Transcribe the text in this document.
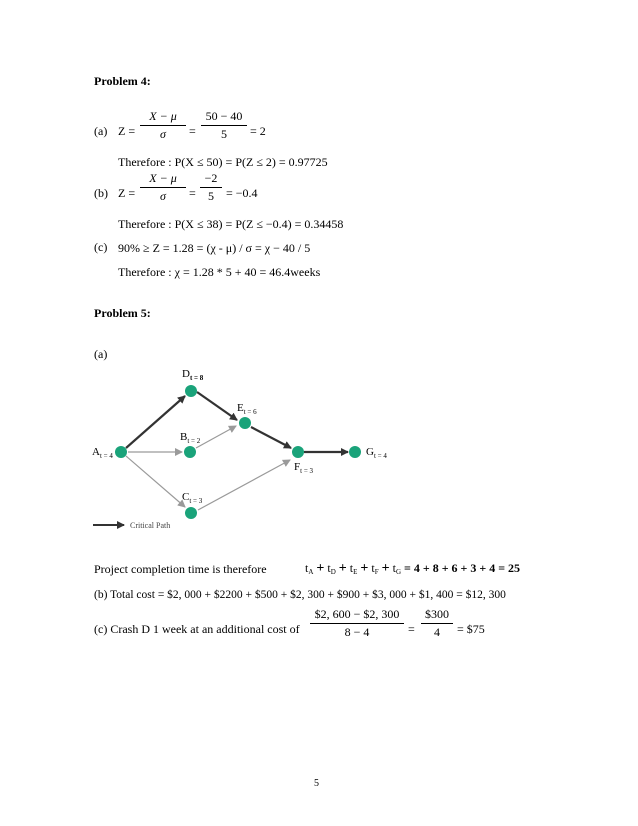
Problem 4:
(a) Z =
X − μ
σ	=
50 − 40
5	= 2
Therefore : P(X ≤ 50) = P(Z ≤ 2) = 0.97725
(b) Z =
X − μ
σ	=
−2
5	= −0.4
Therefore : P(X ≤ 38) = P(Z ≤ −0.4) = 0.34458
(c) 90% ≥ Z = 1.28 = (χ - μ) / σ = χ − 40 / 5
Therefore : χ = 1.28 * 5 + 40 = 46.4weeks
Problem 5:
(a)
$A_{t = 4}$
$D_{t = 8}$
$B_{t = 2}$
$C_{t = 3}$
$E_{t = 6}$
$F_{t = 3}$
$G_{t = 4}$
Critical Path
Project completion time is therefore	$t_A + t_D + t_E + t_F + t_G = 4 + 8 + 6 + 3 + 4 = 25$
(b) Total cost = $2, 000 + $2200 + $500 + $2, 300 + $900 + $3, 000 + $1, 400 = $12, 300
(c) Crash D 1 week at an additional cost of
$2, 600 − $2, 300
8 − 4	=
$300
4	= $75
5
